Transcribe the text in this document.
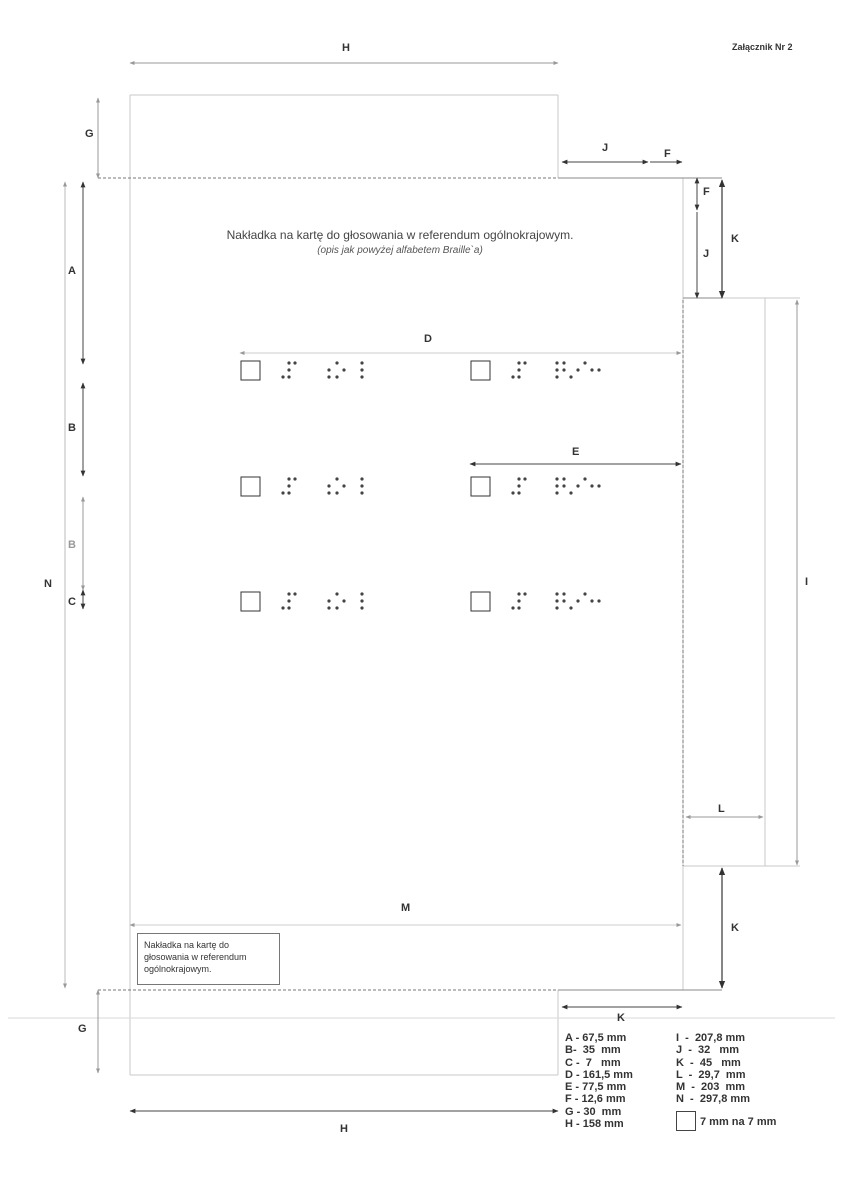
Załącznik Nr 2
Nakładka na kartę do głosowania w referendum ogólnokrajowym.
(opis jak powyżej alfabetem Braille`a)
H
G
J	F
F
K
J
A
D
B
E
B
N
C
I
L
M
K
K
G
H
Nakładka na kartę do głosowania w referendum ogólnokrajowym.
A - 67,5 mm
B-  35  mm
C -  7   mm
D - 161,5 mm
E - 77,5 mm
F - 12,6 mm
G - 30  mm
H - 158 mm
I  -  207,8 mm
J  -  32   mm
K  -  45   mm
L  -  29,7  mm
M  -  203  mm
N  -  297,8 mm
7 mm na 7 mm
